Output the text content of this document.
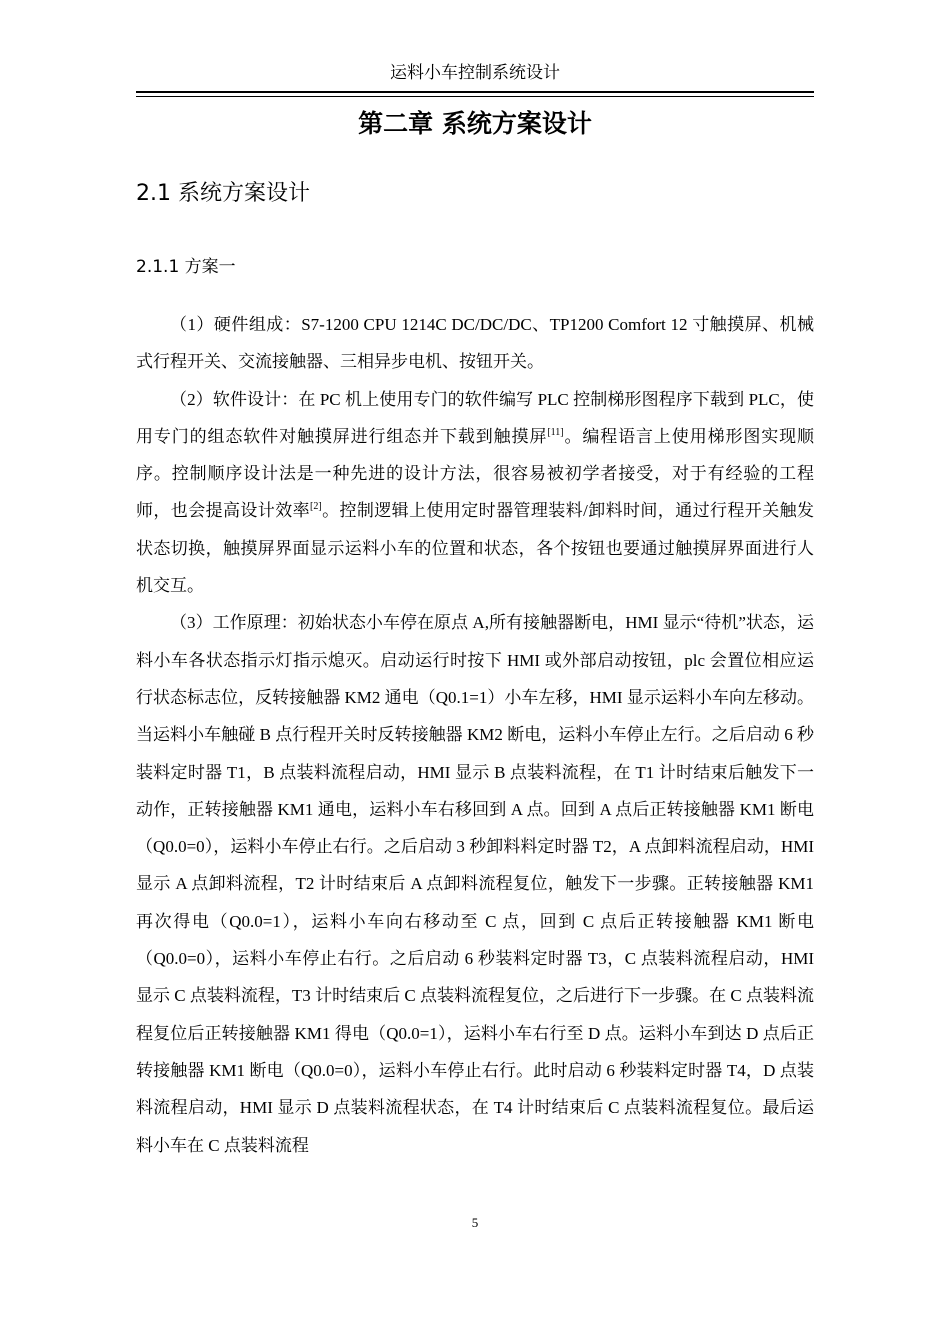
运料小车控制系统设计
第二章 系统方案设计
2.1 系统方案设计
2.1.1 方案一

（1）硬件组成：S7-1200 CPU 1214C DC/DC/DC、TP1200 Comfort 12 寸触摸屏、机械式行程开关、交流接触器、三相异步电机、按钮开关。

（2）软件设计：在 PC 机上使用专门的软件编写 PLC 控制梯形图程序下载到 PLC，使用专门的组态软件对触摸屏进行组态并下载到触摸屏[11]。编程语言上使用梯形图实现顺序。控制顺序设计法是一种先进的设计方法，很容易被初学者接受，对于有经验的工程师，也会提高设计效率[2]。控制逻辑上使用定时器管理装料/卸料时间，通过行程开关触发状态切换，触摸屏界面显示运料小车的位置和状态，各个按钮也要通过触摸屏界面进行人机交互。

（3）工作原理：初始状态小车停在原点 A,所有接触器断电，HMI 显示“待机”状态，运料小车各状态指示灯指示熄灭。启动运行时按下 HMI 或外部启动按钮，plc 会置位相应运行状态标志位，反转接触器 KM2 通电（Q0.1=1）小车左移，HMI 显示运料小车向左移动。当运料小车触碰 B 点行程开关时反转接触器 KM2 断电，运料小车停止左行。之后启动 6 秒装料定时器 T1，B 点装料流程启动，HMI 显示 B 点装料流程，在 T1 计时结束后触发下一动作，正转接触器 KM1 通电，运料小车右移回到 A 点。回到 A 点后正转接触器 KM1 断电（Q0.0=0），运料小车停止右行。之后启动 3 秒卸料料定时器 T2，A 点卸料流程启动，HMI 显示 A 点卸料流程，T2 计时结束后 A 点卸料流程复位，触发下一步骤。正转接触器 KM1 再次得电（Q0.0=1），运料小车向右移动至 C 点，回到 C 点后正转接触器 KM1 断电（Q0.0=0），运料小车停止右行。之后启动 6 秒装料定时器 T3，C 点装料流程启动，HMI 显示 C 点装料流程，T3 计时结束后 C 点装料流程复位，之后进行下一步骤。在 C 点装料流程复位后正转接触器 KM1 得电（Q0.0=1），运料小车右行至 D 点。运料小车到达 D 点后正转接触器 KM1 断电（Q0.0=0），运料小车停止右行。此时启动 6 秒装料定时器 T4，D 点装料流程启动，HMI 显示 D 点装料流程状态，在 T4 计时结束后 C 点装料流程复位。最后运料小车在 C 点装料流程

5
